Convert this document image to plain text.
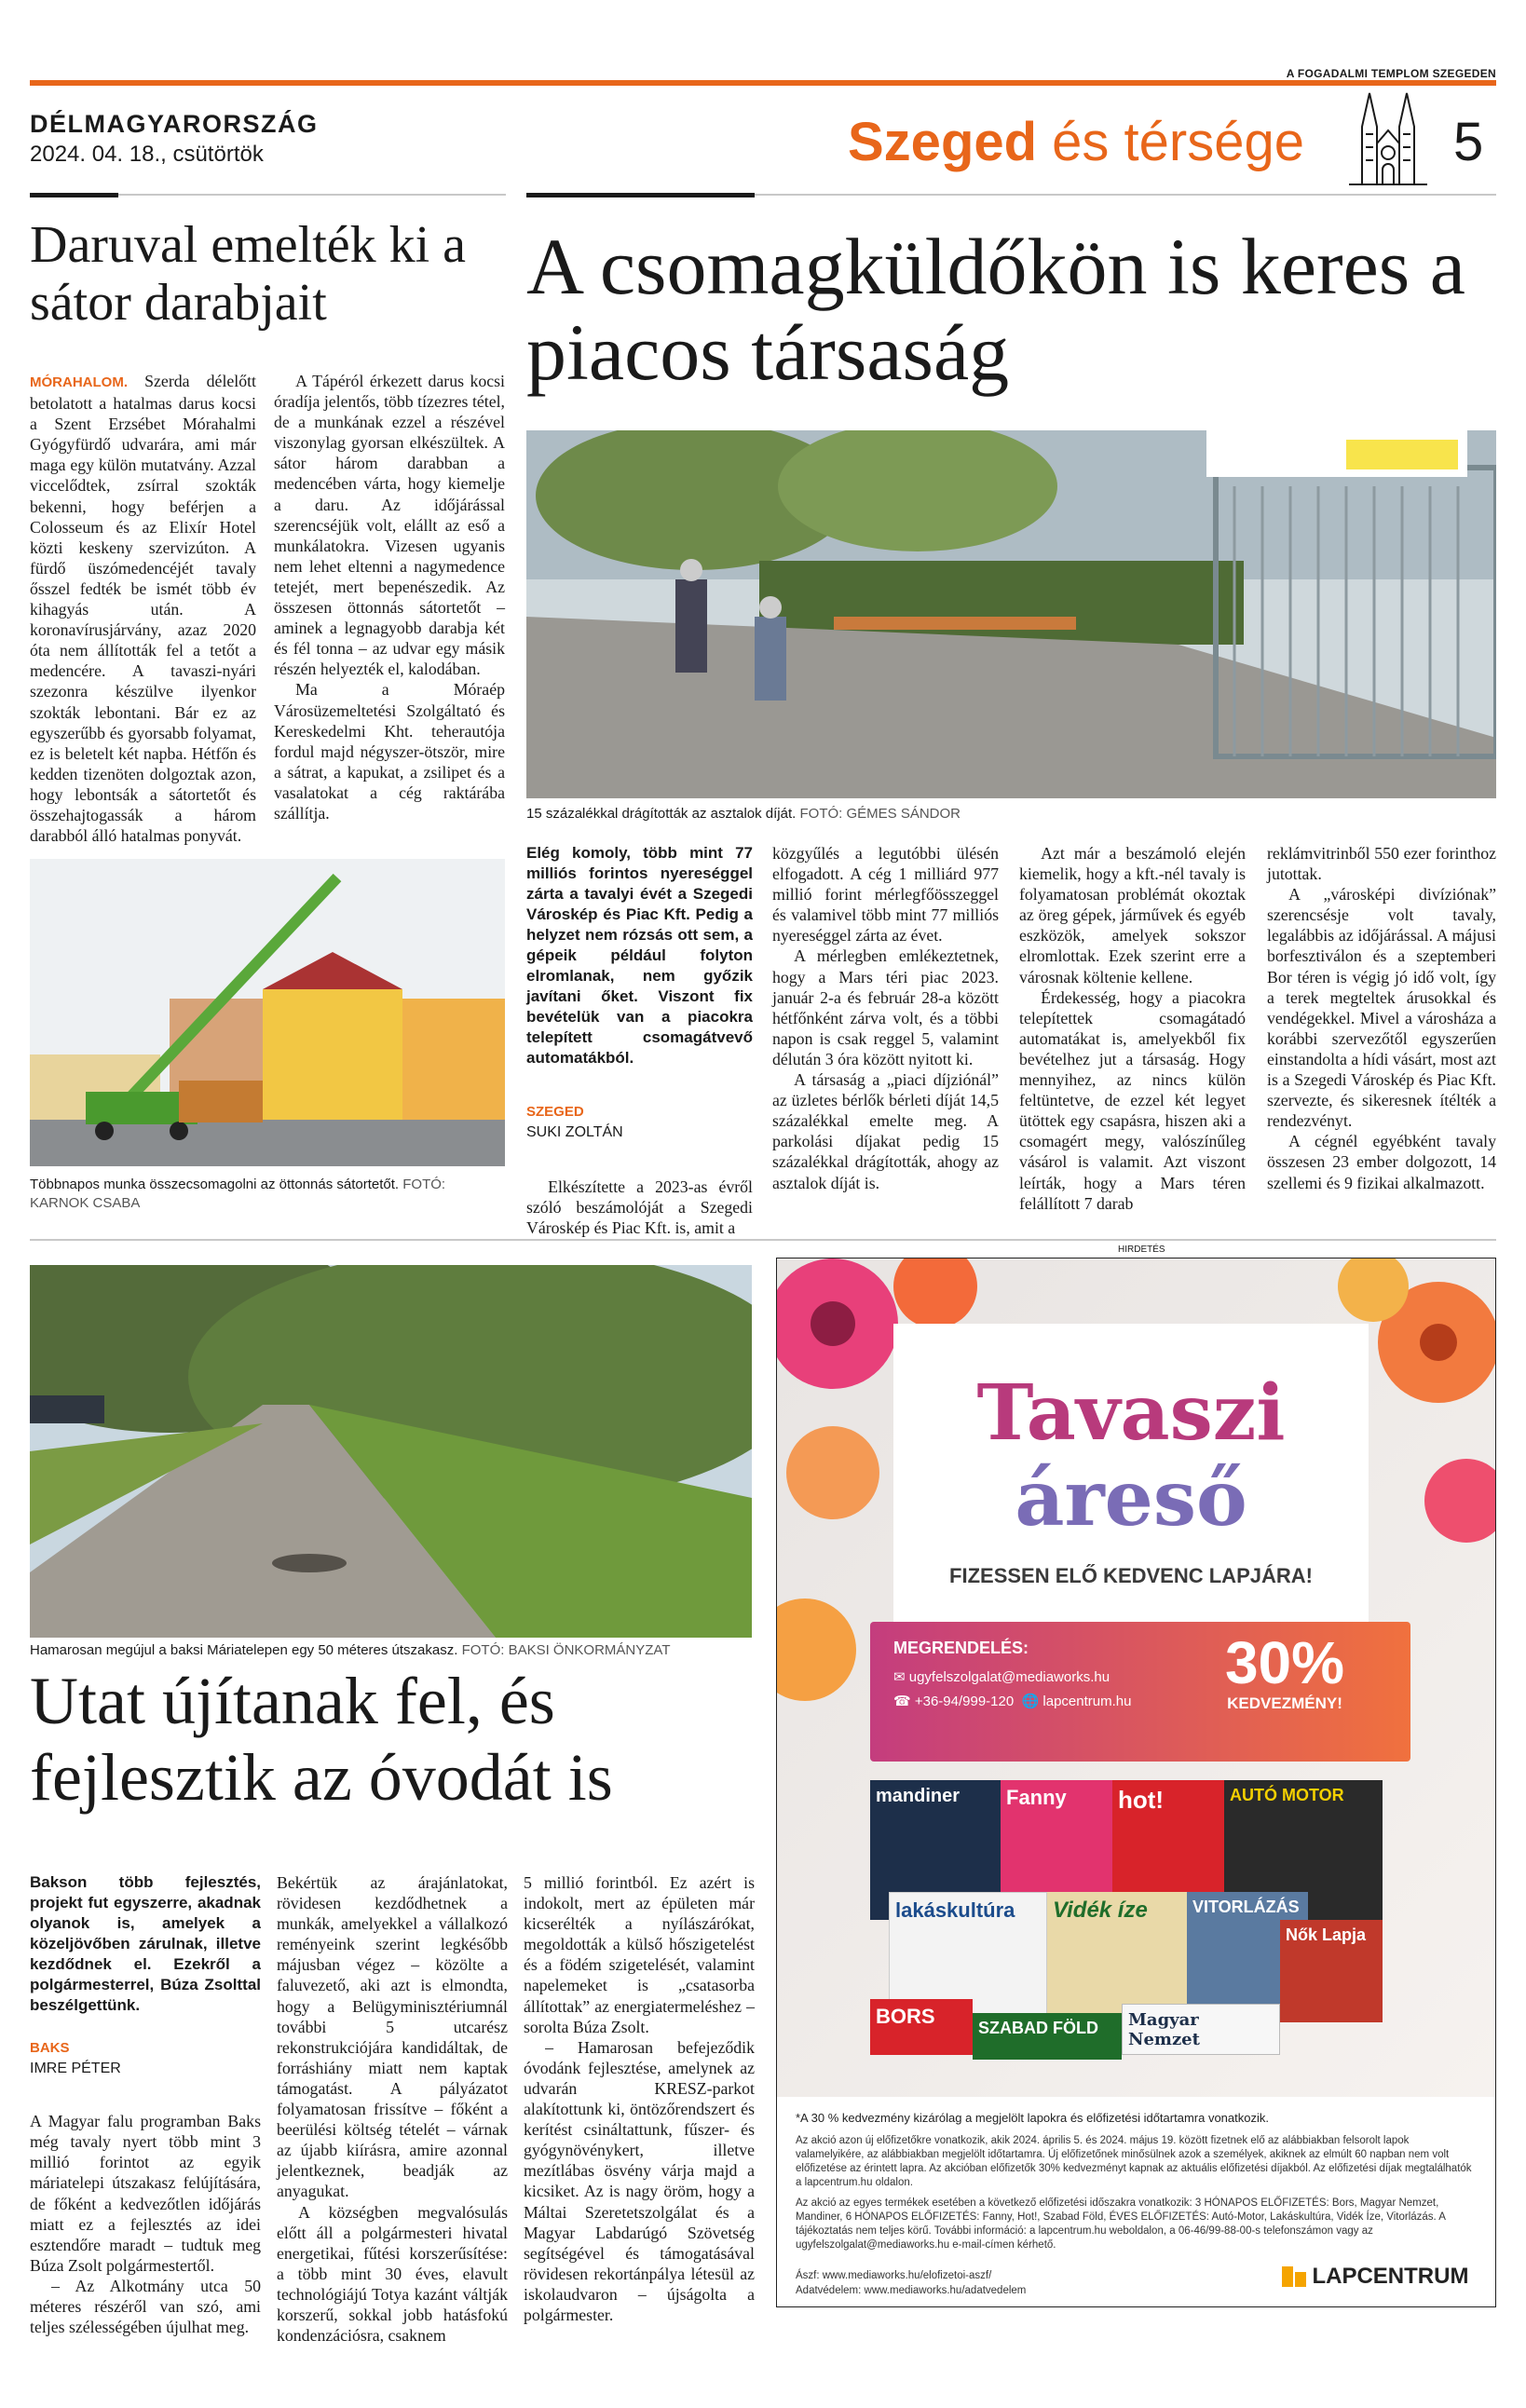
A FOGADALMI TEMPLOM SZEGEDEN
DÉLMAGYARORSZÁG
2024. 04. 18., csütörtök	Szeged és térsége	5
Daruval emelték ki a sátor darabjait

MÓRAHALOM. Szerda délelőtt betolatott a hatalmas darus kocsi a Szent Erzsébet Mórahalmi Gyógyfürdő udvarára, ami már maga egy külön mutatvány. Azzal viccelődtek, zsírral szokták bekenni, hogy beférjen a Colosseum és az Elixír Hotel közti keskeny szervizúton. A fürdő üszómedencéjét tavaly ősszel fedték be ismét több év kihagyás után. A koronavírusjárvány, azaz 2020 óta nem állították fel a tetőt a medencére. A tavaszi-nyári szezonra készülve ilyenkor szokták lebontani. Bár ez az egyszerűbb és gyorsabb folyamat, ez is beletelt két napba. Hétfőn és kedden tizenöten dolgoztak azon, hogy lebontsák a sátortetőt és összehajtogassák a három darabból álló hatalmas ponyvát.

A Tápéról érkezett darus kocsi óradíja jelentős, több tízezres tétel, de a munkának ezzel a részével viszonylag gyorsan elkészültek. A sátor három darabban a medencében várta, hogy kiemelje a daru. Az időjárással szerencséjük volt, elállt az eső a munkálatokra. Vizesen ugyanis nem lehet eltenni a nagymedence tetejét, mert bepenészedik. Az összesen öttonnás sátortetőt – aminek a legnagyobb darabja két és fél tonna – az udvar egy másik részén helyezték el, kalodában.

Ma a Móraép Városüzemeltetési Szolgáltató és Kereskedelmi Kht. teherautója fordul majd négyszer-ötször, mire a sátrat, a kapukat, a zsilipet és a vasalatokat a cég raktárába szállítja.

Többnapos munka összecsomagolni az öttonnás sátortetőt. FOTÓ: KARNOK CSABA
A csomagküldőkön is keres a piacos társaság
15 százalékkal drágították az asztalok díját. FOTÓ: GÉMES SÁNDOR

Elég komoly, több mint 77 milliós forintos nyereséggel zárta a tavalyi évét a Szegedi Városkép és Piac Kft. Pedig a helyzet nem rózsás ott sem, a gépeik például folyton elromlanak, nem győzik javítani őket. Viszont fix bevételük van a piacokra telepített csomagátvevő automatákból.

SZEGED
SUKI ZOLTÁN

Elkészítette a 2023-as évről szóló beszámolóját a Szegedi Városkép és Piac Kft. is, amit a

közgyűlés a legutóbbi ülésén elfogadott. A cég 1 milliárd 977 millió forint mérlegfőösszeggel és valamivel több mint 77 milliós nyereséggel zárta az évet.

A mérlegben emlékeztetnek, hogy a Mars téri piac 2023. január 2-a és február 28-a között hétfőnként zárva volt, és a többi napon is csak reggel 5, valamint délután 3 óra között nyitott ki.

A társaság a „piaci díjziónál” az üzletes bérlők bérleti díját 14,5 százalékkal emelte meg. A parkolási díjakat pedig 15 százalékkal drágították, ahogy az asztalok díját is.

Azt már a beszámoló elején kiemelik, hogy a kft.-nél tavaly is folyamatosan problémát okoztak az öreg gépek, járművek és egyéb eszközök, amelyek sokszor elromlottak. Ezek szerint erre a városnak költenie kellene.

Érdekesség, hogy a piacokra telepítettek csomagátadó automatákat is, amelyekből fix bevételhez jut a társaság. Hogy mennyihez, az nincs külön feltüntetve, de ezzel két legyet ütöttek egy csapásra, hiszen aki a csomagért megy, valószínűleg vásárol is valamit. Azt viszont leírták, hogy a Mars téren felállított 7 darab

reklámvitrinből 550 ezer forinthoz jutottak.

A „városképi divíziónak” szerencsésje volt tavaly, legalábbis az időjárással. A májusi borfesztiválon és a szeptemberi Bor téren is végig jó idő volt, így a terek megteltek árusokkal és vendégekkel. Mivel a városháza a korábbi szervezőtől egyszerűen einstandolta a hídi vásárt, most azt is a Szegedi Városkép és Piac Kft. szervezte, és sikeresnek ítélték a rendezvényt.

A cégnél egyébként tavaly összesen 23 ember dolgozott, 14 szellemi és 9 fizikai alkalmazott.

Hamarosan megújul a baksi Máriatelepen egy 50 méteres útszakasz. FOTÓ: BAKSI ÖNKORMÁNYZAT
Utat újítanak fel, és fejlesztik az óvodát is

Bakson több fejlesztés, projekt fut egyszerre, akadnak olyanok is, amelyek a közeljövőben zárulnak, illetve kezdődnek el. Ezekről a polgármesterrel, Búza Zsolttal beszélgettünk.

BAKS
IMRE PÉTER

A Magyar falu programban Baks még tavaly nyert több mint 3 millió forintot az egyik máriatelepi útszakasz felújítására, de főként a kedvezőtlen időjárás miatt ez a fejlesztés az idei esztendőre maradt – tudtuk meg Búza Zsolt polgármestertől.

– Az Alkotmány utca 50 méteres részéről van szó, ami teljes szélességében újulhat meg.

Bekértük az árajánlatokat, rövidesen kezdődhetnek a munkák, amelyekkel a vállalkozó reményeink szerint legkésőbb májusban végez – közölte a faluvezető, aki azt is elmondta, hogy a Belügyminisztériumnál további 5 utcarész rekonstrukciójára kandidáltak, de forráshiány miatt nem kaptak támogatást. A pályázatot folyamatosan frissítve – főként a beerülési költség tételét – várnak az újabb kiírásra, amire azonnal jelentkeznek, beadják az anyagukat.

A községben megvalósulás előtt áll a polgármesteri hivatal energetikai, fűtési korszerűsítése: a több mint 30 éves, elavult technológiájú Totya kazánt váltják korszerű, sokkal jobb hatásfokú kondenzációsra, csaknem

5 millió forintból. Ez azért is indokolt, mert az épületen már kicserélték a nyílászárókat, megoldották a külső hőszigetelést és a födém szigetelését, valamint napelemeket is „csatasorba állítottak” az energiatermeléshez – sorolta Búza Zsolt.

– Hamarosan befejeződik óvodánk fejlesztése, amelynek az udvarán KRESZ-parkot alakítottunk ki, öntözőrendszert és kerítést csináltattunk, fűszer- és gyógynövénykert, illetve mezítlábas ösvény várja majd a kicsiket. Az is nagy öröm, hogy a Máltai Szeretetszolgálat és a Magyar Labdarúgó Szövetség segítségével és támogatásával rövidesen rekortánpálya létesül az iskolaudvaron – újságolta a polgármester.

HIRDETÉS
Tavaszi
áreső
FIZESSEN ELŐ KEDVENC LAPJÁRA!
MEGRENDELÉS:
✉ ugyfelszolgalat@mediaworks.hu
☎ +36-94/999-120  🌐 lapcentrum.hu
30%
KEDVEZMÉNY!
mandiner	Fanny	hot!	AUTÓ MOTOR
lakáskultúra	Vidék íze	VITORLÁZÁS
BORS	SZABAD FÖLD	Magyar Nemzet
Nők Lapja
*A 30 % kedvezmény kizárólag a megjelölt lapokra és előfizetési időtartamra vonatkozik.
Az akció azon új előfizetőkre vonatkozik, akik 2024. április 5. és 2024. május 19. között fizetnek elő az alábbiakban felsorolt lapok valamelyikére, az alábbiakban megjelölt időtartamra. Új előfizetőnek minősülnek azok a személyek, akiknek az elmúlt 60 napban nem volt előfizetése az érintett lapra. Az akcióban előfizetők 30% kedvezményt kapnak az aktuális előfizetési díjakból. Az előfizetési díjak megtalálhatók a lapcentrum.hu oldalon.
Az akció az egyes termékek esetében a következő előfizetési időszakra vonatkozik: 3 HÓNAPOS ELŐFIZETÉS: Bors, Magyar Nemzet, Mandiner, 6 HÓNAPOS ELŐFIZETÉS: Fanny, Hot!, Szabad Föld, ÉVES ELŐFIZETÉS: Autó-Motor, Lakáskultúra, Vidék Íze, Vitorlázás. A tájékoztatás nem teljes körű. További információ: a lapcentrum.hu weboldalon, a 06-46/99-88-00-s telefonszámon vagy az ugyfelszolgalat@mediaworks.hu e-mail-címen kérhető.
Ászf: www.mediaworks.hu/elofizetoi-aszf/
Adatvédelem: www.mediaworks.hu/adatvedelem
LAPCENTRUM
